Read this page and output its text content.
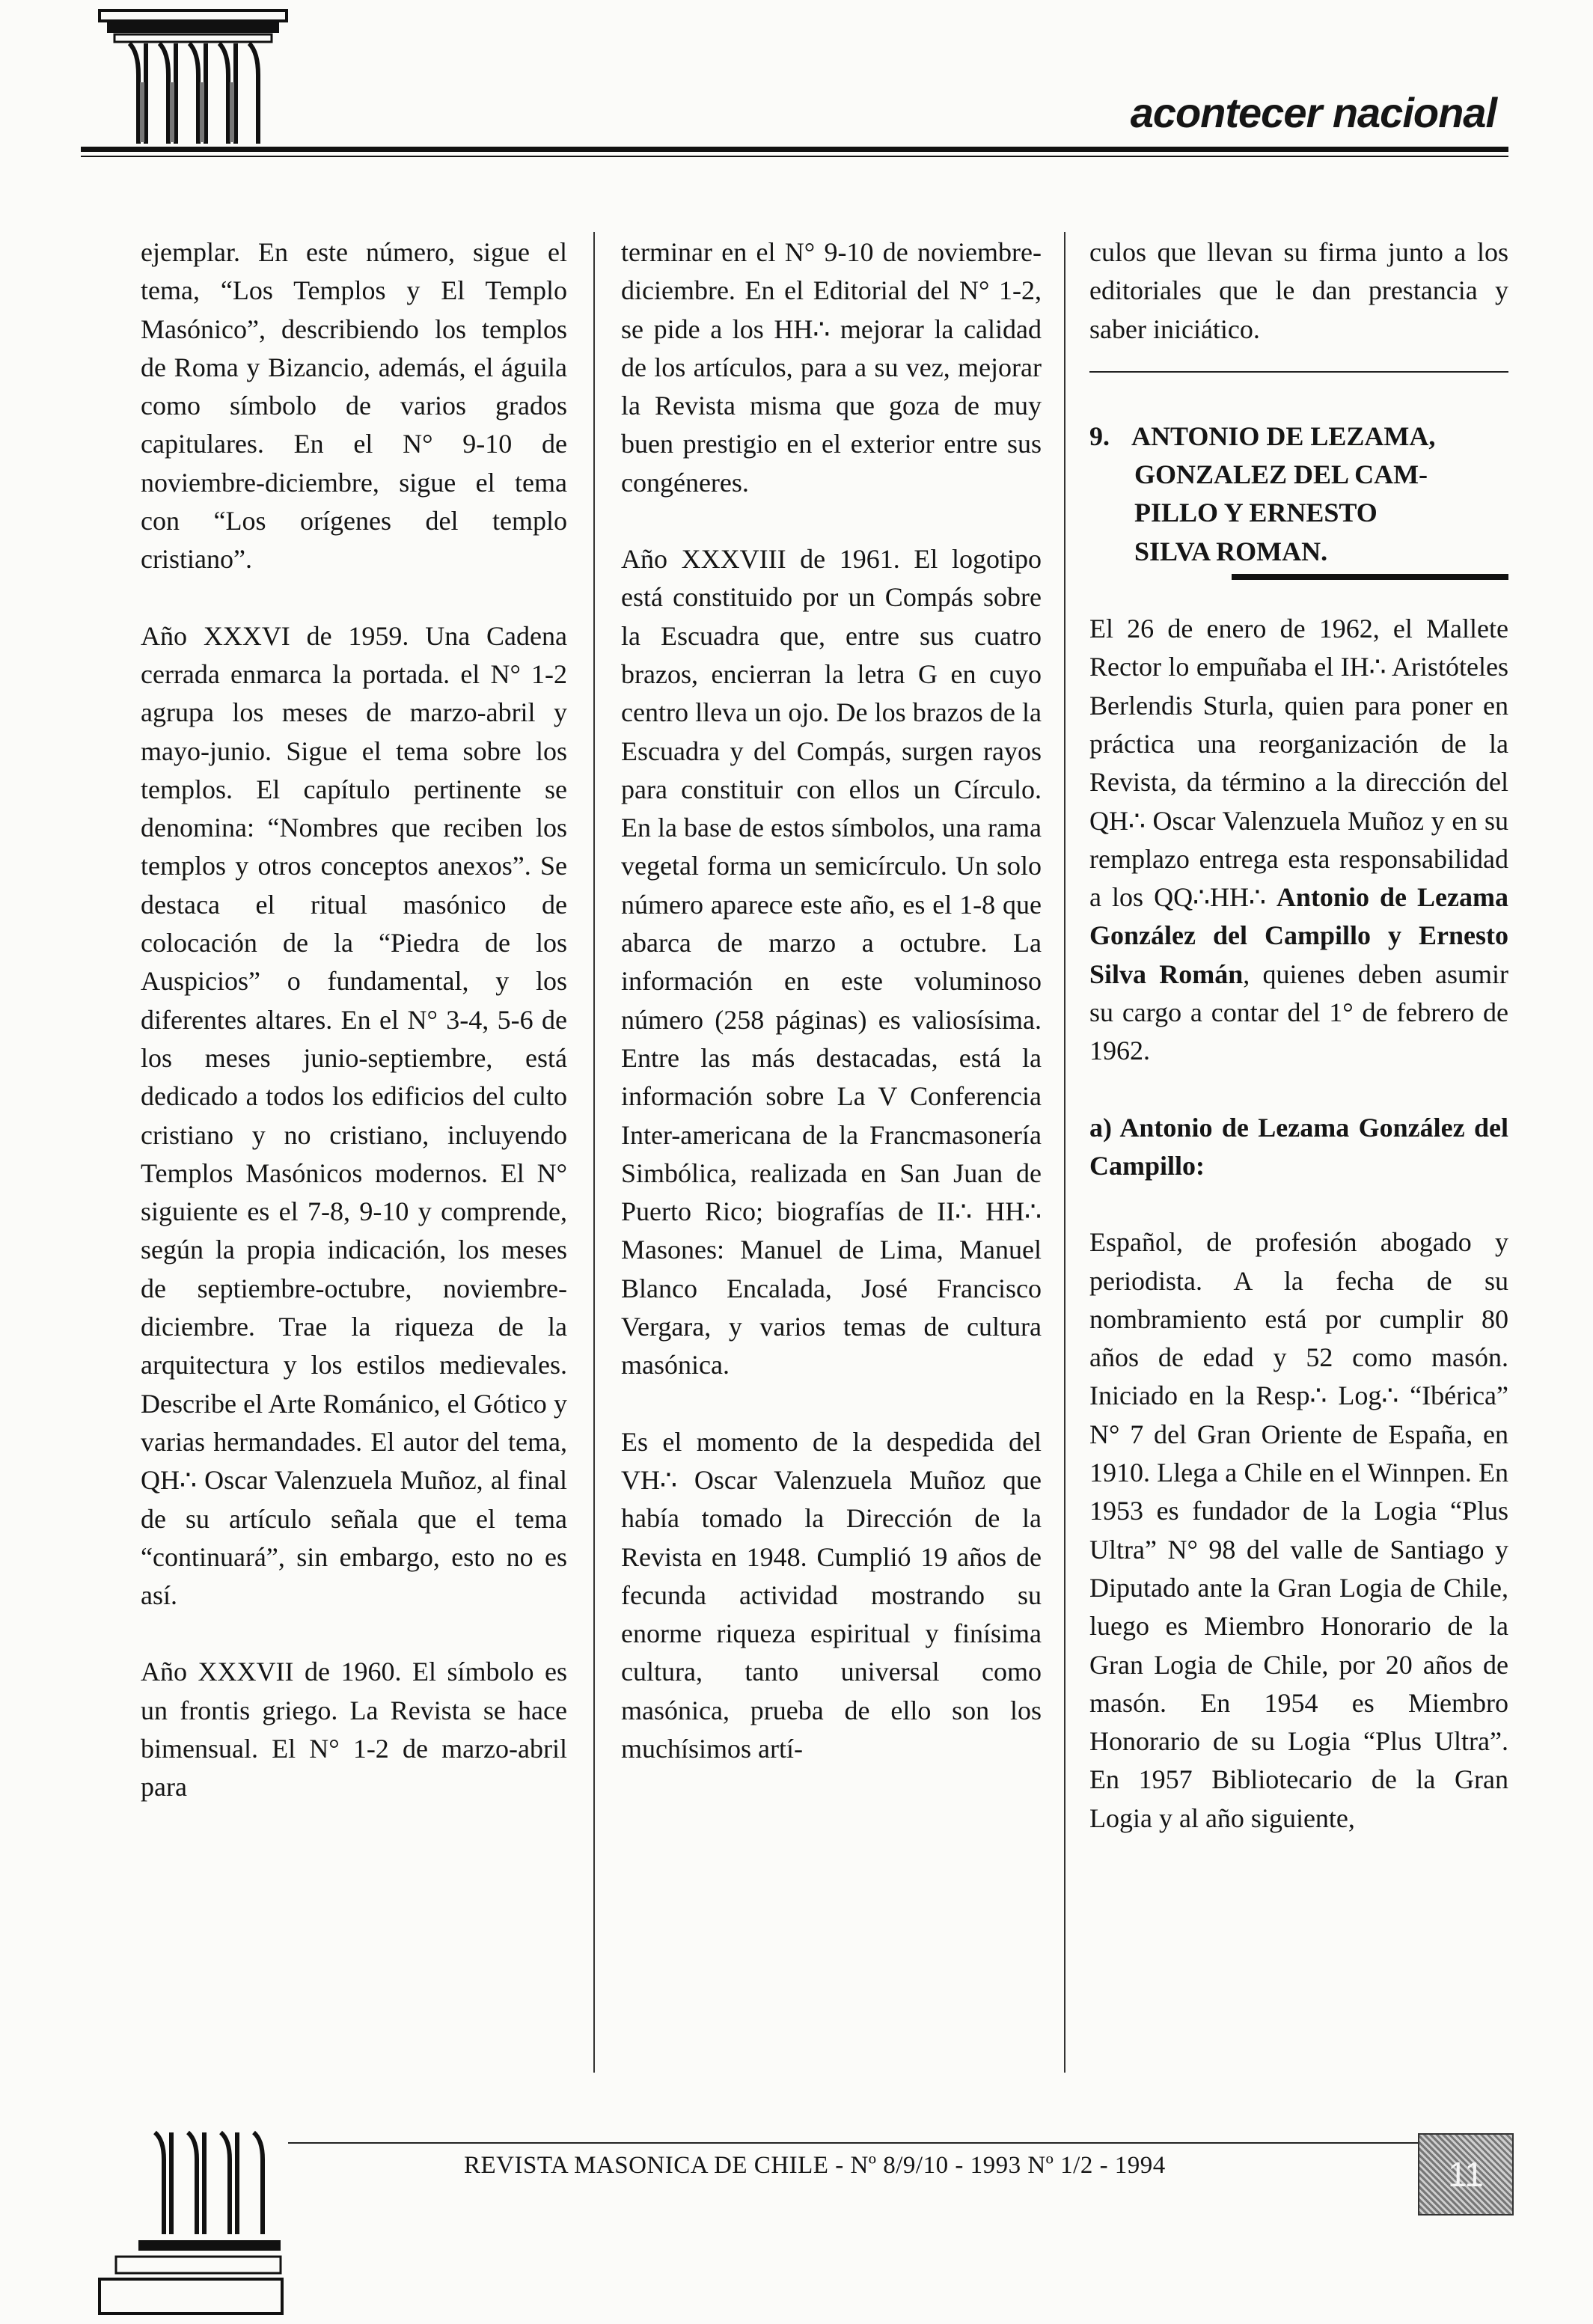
acontecer nacional

ejemplar. En este número, sigue el tema, “Los Templos y El Templo Masónico”, describiendo los templos de Roma y Bizancio, además, el águila como símbolo de varios grados capitulares. En el N° 9-10 de noviembre-diciembre, sigue el tema con “Los orígenes del templo cristiano”.

Año XXXVI de 1959. Una Cadena cerrada enmarca la portada. el N° 1-2 agrupa los meses de marzo-abril y mayo-junio. Sigue el tema sobre los templos. El capítulo pertinente se denomina: “Nombres que reciben los templos y otros conceptos anexos”. Se destaca el ritual masónico de colocación de la “Piedra de los Auspicios” o fundamental, y los diferentes altares. En el N° 3-4, 5-6 de los meses junio-septiembre, está dedicado a todos los edificios del culto cristiano y no cristiano, incluyendo Templos Masónicos modernos. El N° siguiente es el 7-8, 9-10 y comprende, según la propia indicación, los meses de septiembre-octubre, noviembre-diciembre. Trae la riqueza de la arquitectura y los estilos medievales. Describe el Arte Románico, el Gótico y varias hermandades. El autor del tema, QH∴ Oscar Valenzuela Muñoz, al final de su artículo señala que el tema “continuará”, sin embargo, esto no es así.

Año XXXVII de 1960. El símbolo es un frontis griego. La Revista se hace bimensual. El N° 1-2 de marzo-abril para

terminar en el N° 9-10 de noviembre-diciembre. En el Editorial del N° 1-2, se pide a los HH∴ mejorar la calidad de los artículos, para a su vez, mejorar la Revista misma que goza de muy buen prestigio en el exterior entre sus congéneres.

Año XXXVIII de 1961. El logotipo está constituido por un Compás sobre la Escuadra que, entre sus cuatro brazos, encierran la letra G en cuyo centro lleva un ojo. De los brazos de la Escuadra y del Compás, surgen rayos para constituir con ellos un Círculo. En la base de estos símbolos, una rama vegetal forma un semicírculo. Un solo número aparece este año, es el 1-8 que abarca de marzo a octubre. La información en este voluminoso número (258 páginas) es valiosísima. Entre las más destacadas, está la información sobre La V Conferencia Inter-americana de la Francmasonería Simbólica, realizada en San Juan de Puerto Rico; biografías de II∴ HH∴ Masones: Manuel de Lima, Manuel Blanco Encalada, José Francisco Vergara, y varios temas de cultura masónica.

Es el momento de la despedida del VH∴ Oscar Valenzuela Muñoz que había tomado la Dirección de la Revista en 1948. Cumplió 19 años de fecunda actividad mostrando su enorme riqueza espiritual y finísima cultura, tanto universal como masónica, prueba de ello son los muchísimos artí-

culos que llevan su firma junto a los editoriales que le dan prestancia y saber iniciático.

9. ANTONIO DE LEZAMA,
GONZALEZ DEL CAM-
PILLO Y ERNESTO
SILVA ROMAN.

El 26 de enero de 1962, el Mallete Rector lo empuñaba el IH∴ Aristóteles Berlendis Sturla, quien para poner en práctica una reorganización de la Revista, da término a la dirección del QH∴ Oscar Valenzuela Muñoz y en su remplazo entrega esta responsabilidad a los QQ∴HH∴ Antonio de Lezama González del Campillo y Ernesto Silva Román, quienes deben asumir su cargo a contar del 1° de febrero de 1962.

a) Antonio de Lezama González del Campillo:

Español, de profesión abogado y periodista. A la fecha de su nombramiento está por cumplir 80 años de edad y 52 como masón. Iniciado en la Resp∴ Log∴ “Ibérica” N° 7 del Gran Oriente de España, en 1910. Llega a Chile en el Winnpen. En 1953 es fundador de la Logia “Plus Ultra” N° 98 del valle de Santiago y Diputado ante la Gran Logia de Chile, luego es Miembro Honorario de la Gran Logia de Chile, por 20 años de masón. En 1954 es Miembro Honorario de su Logia “Plus Ultra”. En 1957 Bibliotecario de la Gran Logia y al año siguiente,

REVISTA MASONICA DE CHILE - Nº 8/9/10 - 1993 Nº 1/2 - 1994	11
